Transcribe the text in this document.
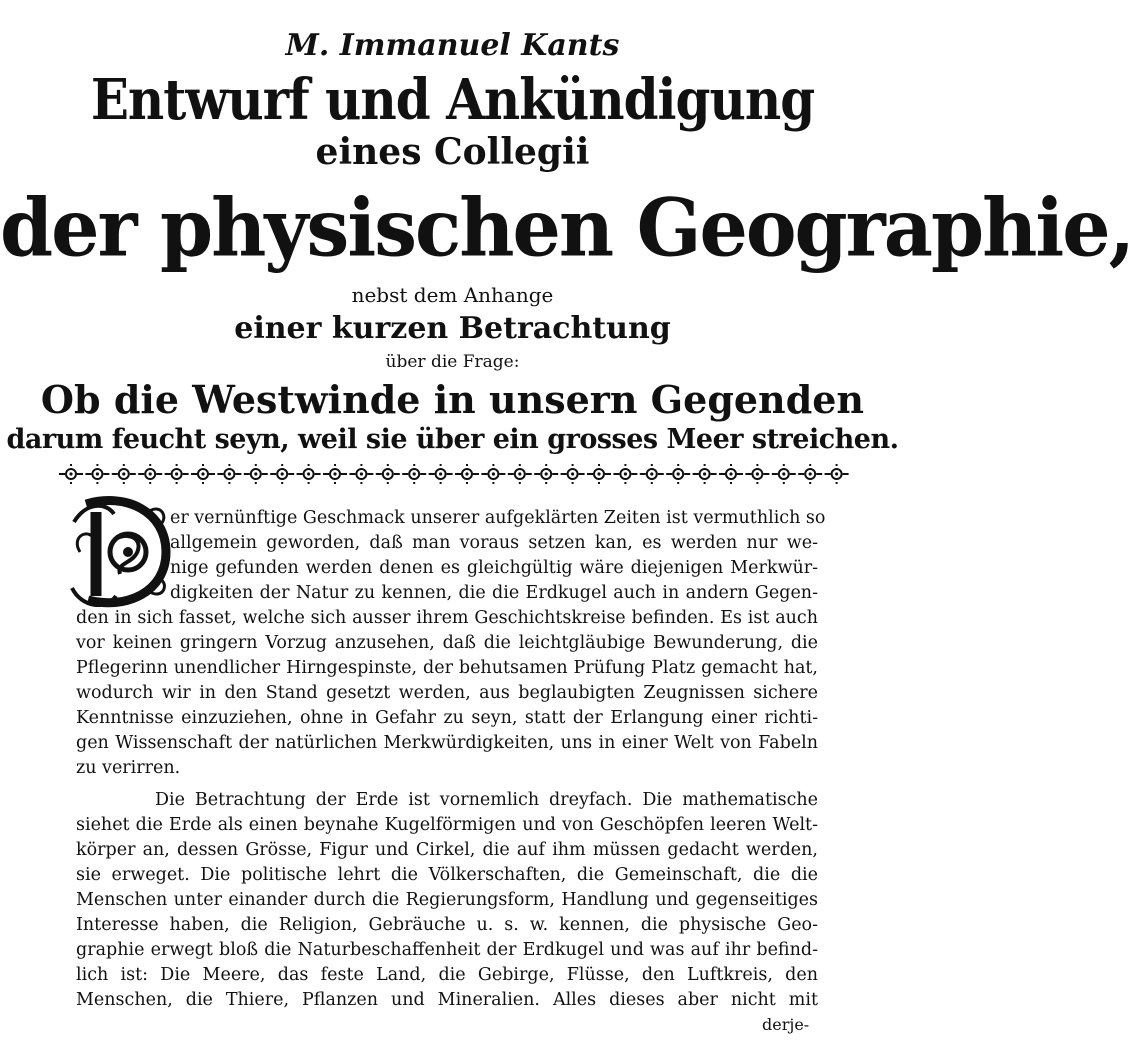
M. Immanuel Kants
Entwurf und Ankündigung
eines Collegii
der physischen Geographie,
nebst dem Anhange
einer kurzen Betrachtung
über die Frage:
Ob die Westwinde in unsern Gegenden
darum feucht seyn, weil sie über ein grosses Meer streichen.
er vernünftige Geschmack unserer aufgeklärten Zeiten ist vermuthlich so
allgemein geworden, daß man voraus setzen kan, es werden nur we-
nige gefunden werden denen es gleichgültig wäre diejenigen Merkwür-
digkeiten der Natur zu kennen, die die Erdkugel auch in andern Gegen-
den in sich fasset, welche sich ausser ihrem Geschichtskreise befinden. Es ist auch
vor keinen gringern Vorzug anzusehen, daß die leichtgläubige Bewunderung, die
Pflegerinn unendlicher Hirngespinste, der behutsamen Prüfung Platz gemacht hat,
wodurch wir in den Stand gesetzt werden, aus beglaubigten Zeugnissen sichere
Kenntnisse einzuziehen, ohne in Gefahr zu seyn, statt der Erlangung einer richti-
gen Wissenschaft der natürlichen Merkwürdigkeiten, uns in einer Welt von Fabeln
zu verirren.
Die Betrachtung der Erde ist vornemlich dreyfach. Die mathematische
siehet die Erde als einen beynahe Kugelförmigen und von Geschöpfen leeren Welt-
körper an, dessen Grösse, Figur und Cirkel, die auf ihm müssen gedacht werden,
sie erweget. Die politische lehrt die Völkerschaften, die Gemeinschaft, die die
Menschen unter einander durch die Regierungsform, Handlung und gegenseitiges
Interesse haben, die Religion, Gebräuche u. s. w. kennen, die physische Geo-
graphie erwegt bloß die Naturbeschaffenheit der Erdkugel und was auf ihr befind-
lich ist: Die Meere, das feste Land, die Gebirge, Flüsse, den Luftkreis, den
Menschen, die Thiere, Pflanzen und Mineralien. Alles dieses aber nicht mit
derje-
